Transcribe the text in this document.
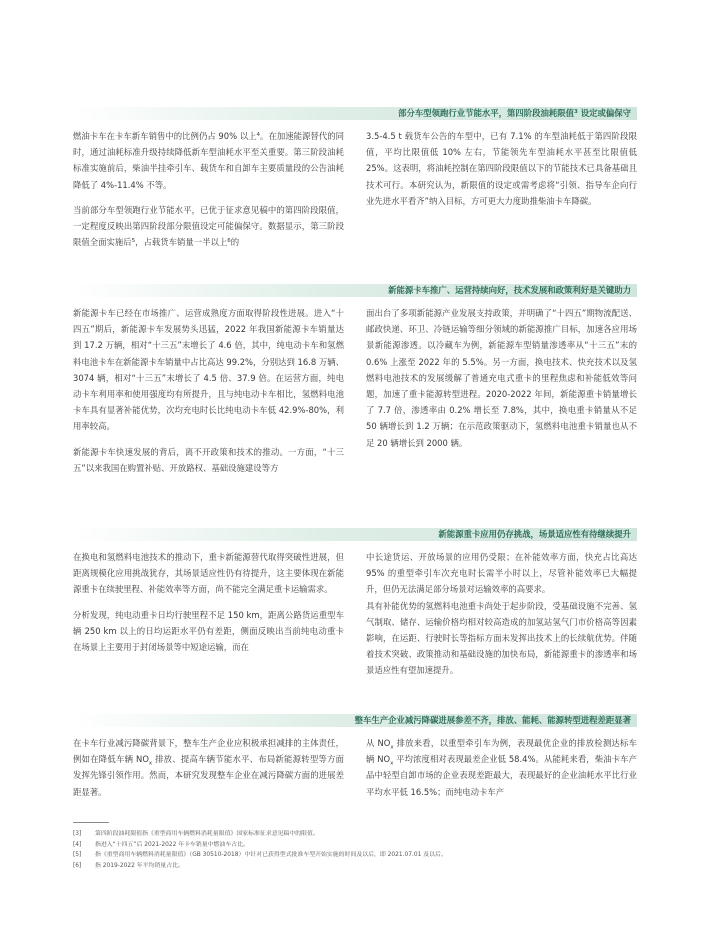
部分车型领跑行业节能水平，第四阶段油耗限值$^3$ 设定或偏保守

燃油卡车在卡车新车销售中的比例仍占 90% 以上$^4$。在加速能源替代的同时，通过油耗标准升级持续降低新车型油耗水平至关重要。第三阶段油耗标准实施前后，柴油半挂牵引车、载货车和自卸车主要质量段的公告油耗降低了 4%-11.4% 不等。

当前部分车型领跑行业节能水平，已优于征求意见稿中的第四阶段限值，一定程度反映出第四阶段部分限值设定可能偏保守。数据显示，第三阶段限值全面实施后$^5$，占载货车销量一半以上$^6$的

3.5-4.5 t 载货车公告的车型中，已有 7.1% 的车型油耗低于第四阶段限值，平均比限值低 10% 左右，节能领先车型油耗水平甚至比限值低 25%。这表明，将油耗控制在第四阶段限值以下的节能技术已具备基础且技术可行。本研究认为，新限值的设定或需考虑将“引领、指导车企向行业先进水平看齐”纳入目标，方可更大力度助推柴油卡车降碳。

新能源卡车推广、运营持续向好，技术发展和政策利好是关键助力

新能源卡车已经在市场推广、运营成熟度方面取得阶段性进展。进入“十四五”期后，新能源卡车发展势头迅猛，2022 年我国新能源卡车销量达到 17.2 万辆，相对“十三五”末增长了 4.6 倍，其中，纯电动卡车和氢燃料电池卡车在新能源卡车销量中占比高达 99.2%，分别达到 16.8 万辆、3074 辆，相对“十三五”末增长了 4.5 倍、37.9 倍。在运营方面，纯电动卡车利用率和使用强度均有所提升，且与纯电动卡车相比，氢燃料电池卡车具有显著补能优势，次均充电时长比纯电动卡车低 42.9%-80%，利用率较高。

新能源卡车快速发展的背后，离不开政策和技术的推动。一方面，“十三五”以来我国在购置补贴、开放路权、基础设施建设等方

面出台了多项新能源产业发展支持政策，并明确了“十四五”期物流配送、邮政快递、环卫、冷链运输等细分领域的新能源推广目标，加速各应用场景新能源渗透。以冷藏车为例，新能源车型销量渗透率从“十三五”末的 0.6% 上涨至 2022 年的 5.5%。另一方面，换电技术、快充技术以及氢燃料电池技术的发展缓解了普通充电式重卡的里程焦虑和补能低效等问题，加速了重卡能源转型进程。2020-2022 年间，新能源重卡销量增长了 7.7 倍，渗透率由 0.2% 增长至 7.8%，其中，换电重卡销量从不足 50 辆增长到 1.2 万辆；在示范政策驱动下，氢燃料电池重卡销量也从不足 20 辆增长到 2000 辆。

新能源重卡应用仍存挑战，场景适应性有待继续提升

在换电和氢燃料电池技术的推动下，重卡新能源替代取得突破性进展，但距离规模化应用挑战犹存，其场景适应性仍有待提升，这主要体现在新能源重卡在续驶里程、补能效率等方面，尚不能完全满足重卡运输需求。

分析发现，纯电动重卡日均行驶里程不足 150 km，距离公路货运重型车辆 250 km 以上的日均运距水平仍有差距，侧面反映出当前纯电动重卡在场景上主要用于封闭场景等中短途运输，而在

中长途货运、开放场景的应用仍受限；在补能效率方面，快充占比高达 95% 的重型牵引车次充电时长需半小时以上，尽管补能效率已大幅提升，但仍无法满足部分场景对运输效率的高要求。

具有补能优势的氢燃料电池重卡尚处于起步阶段，受基础设施不完善、氢气制取、储存、运输价格均相对较高造成的加氢站氢气门市价格高等因素影响，在运距、行驶时长等指标方面未发挥出技术上的长续航优势。伴随着技术突破、政策推动和基础设施的加快布局，新能源重卡的渗透率和场景适应性有望加速提升。

整车生产企业减污降碳进展参差不齐，排放、能耗、能源转型进程差距显著

在卡车行业减污降碳背景下，整车生产企业应积极承担减排的主体责任，例如在降低车辆 $NO_x$ 排放、提高车辆节能水平、布局新能源转型等方面发挥先锋引领作用。然而，本研究发现整车企业在减污降碳方面的进展差距显著。

从 $NO_x$ 排放来看，以重型牵引车为例，表现最优企业的排放检测达标车辆 $NO_x$ 平均浓度相对表现最差企业低 58.4%。从能耗来看，柴油卡车产品中轻型自卸市场的企业表现差距最大，表现最好的企业油耗水平比行业平均水平低 16.5%；而纯电动卡车产

[3]	第四阶段油耗限值指《重型商用车辆燃料消耗量限值》国家标准征求意见稿中的限值。
[4]	指进入“十四五”后 2021-2022 年卡车销量中燃油车占比。
[5]	指《重型商用车辆燃料消耗量限值》（GB 30510-2018）中针对已获得型式批准车型开始实施的时间及以后，即 2021.07.01 及以后。
[6]	指 2019-2022 年平均销量占比。
